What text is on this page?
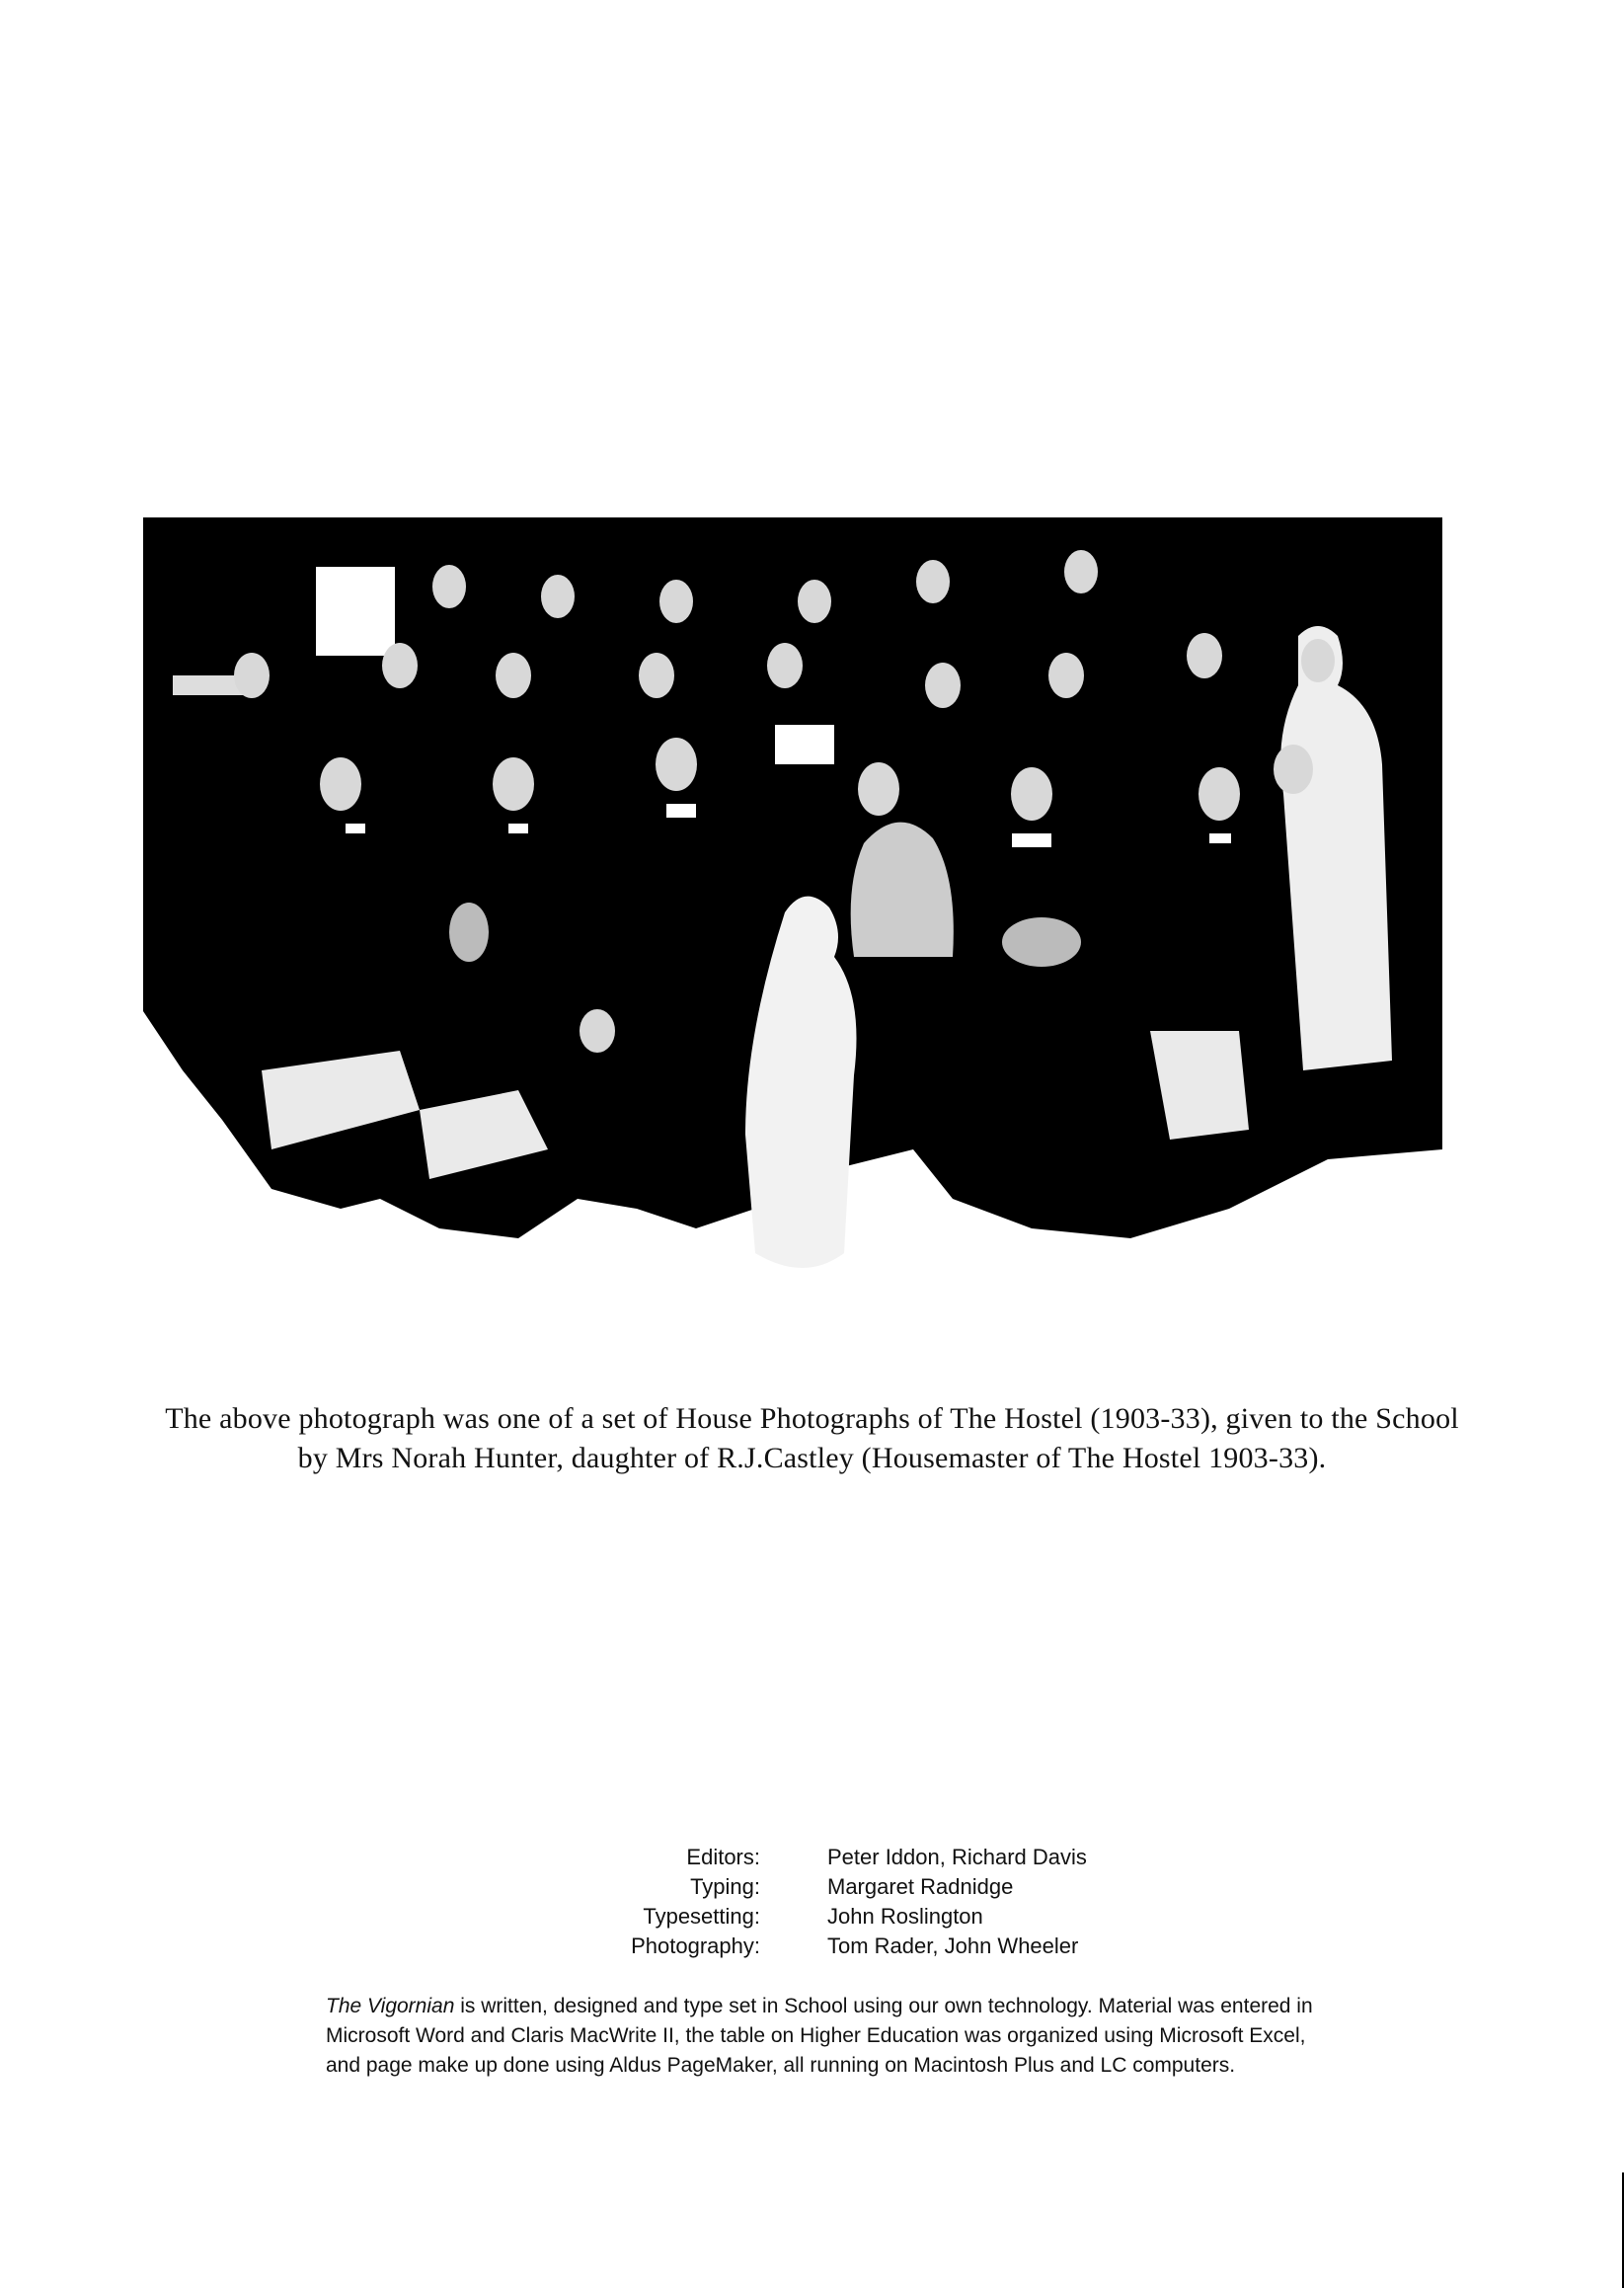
The above photograph was one of a set of House Photographs of The Hostel (1903-33), given to the School by Mrs Norah Hunter, daughter of R.J.Castley (Housemaster of The Hostel 1903-33).
Editors:	Peter Iddon, Richard Davis
Typing:	Margaret Radnidge
Typesetting:	John Roslington
Photography:	Tom Rader, John Wheeler
The Vigornian is written, designed and type set in School using our own technology. Material was entered in Microsoft Word and Claris MacWrite II, the table on Higher Education was organized using Microsoft Excel, and page make up done using Aldus PageMaker, all running on Macintosh Plus and LC computers.
